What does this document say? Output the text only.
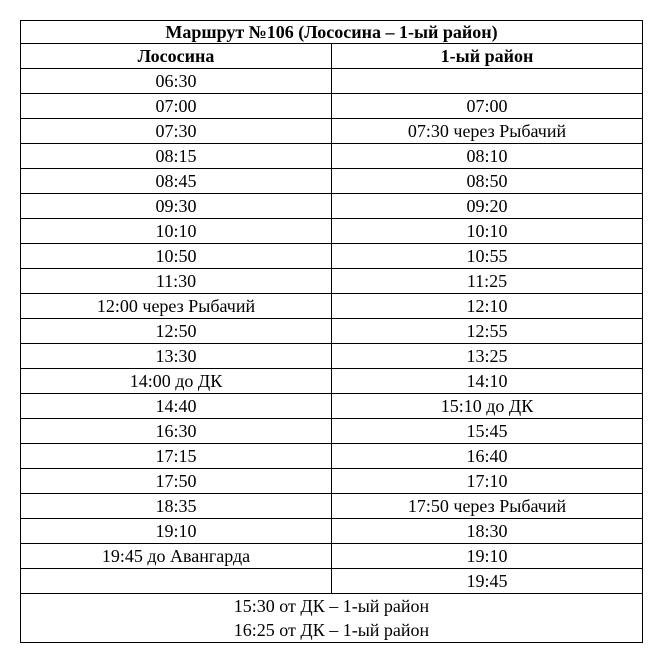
Маршрут №106 (Лососина – 1-ый район)	
Лососина	1-ый район
06:30	
07:00	07:00
07:30	07:30 через Рыбачий
08:15	08:10
08:45	08:50
09:30	09:20
10:10	10:10
10:50	10:55
11:30	11:25
12:00 через Рыбачий	12:10
12:50	12:55
13:30	13:25
14:00 до ДК	14:10
14:40	15:10 до ДК
16:30	15:45
17:15	16:40
17:50	17:10
18:35	17:50 через Рыбачий
19:10	18:30
19:45 до Авангарда	19:10
	19:45

15:30 от ДК – 1-ый район
16:25 от ДК – 1-ый район	
